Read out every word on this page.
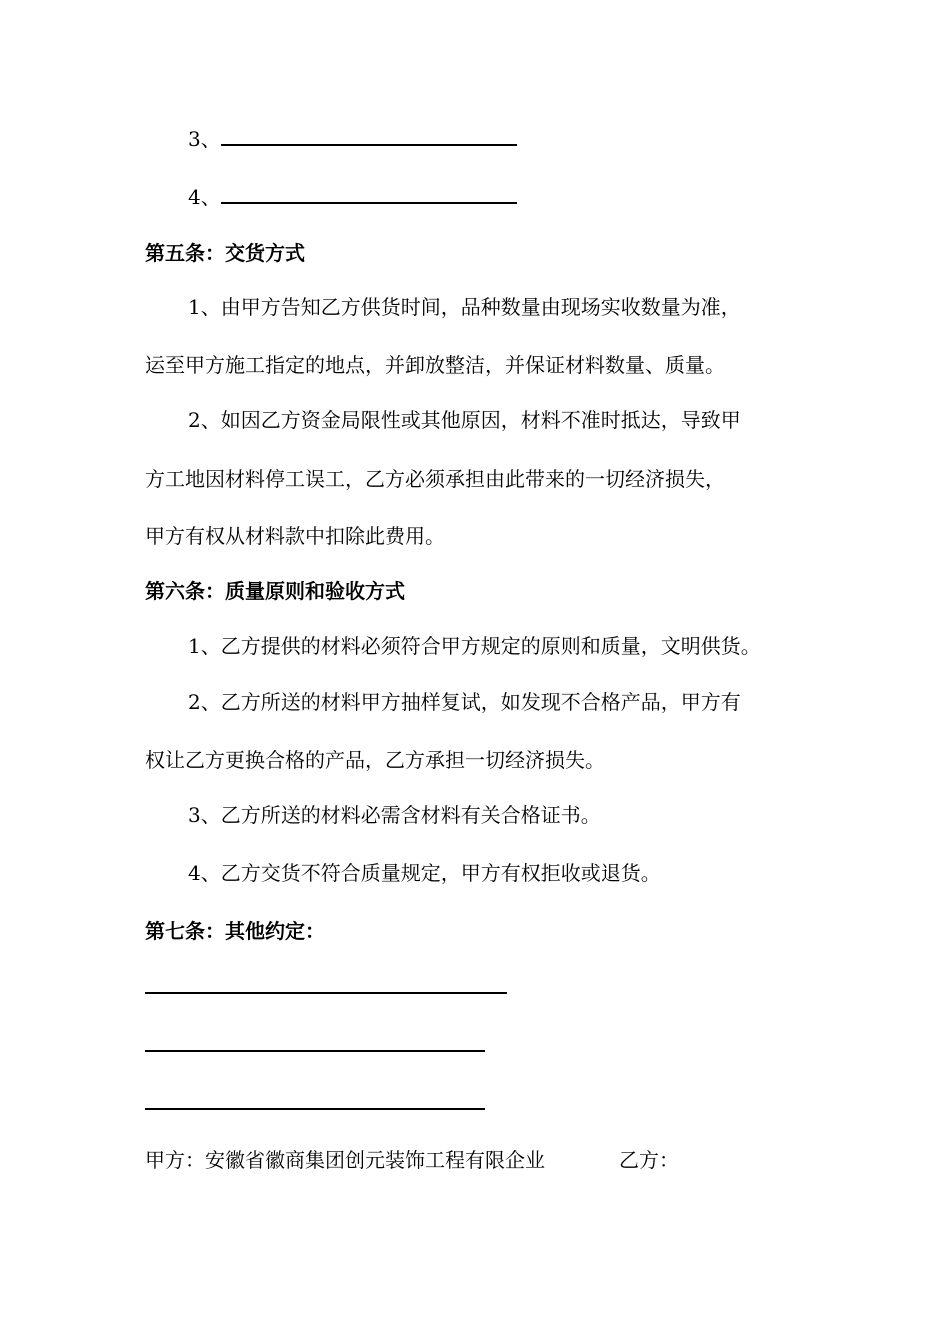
3、
4、
第五条：交货方式
1、由甲方告知乙方供货时间，品种数量由现场实收数量为准，
运至甲方施工指定的地点，并卸放整洁，并保证材料数量、质量。
2、如因乙方资金局限性或其他原因，材料不准时抵达，导致甲
方工地因材料停工误工，乙方必须承担由此带来的一切经济损失，
甲方有权从材料款中扣除此费用。
第六条：质量原则和验收方式
1、乙方提供的材料必须符合甲方规定的原则和质量，文明供货。
2、乙方所送的材料甲方抽样复试，如发现不合格产品，甲方有
权让乙方更换合格的产品，乙方承担一切经济损失。
3、乙方所送的材料必需含材料有关合格证书。
4、乙方交货不符合质量规定，甲方有权拒收或退货。
第七条：其他约定：
甲方：安徽省徽商集团创元装饰工程有限企业	乙方：
